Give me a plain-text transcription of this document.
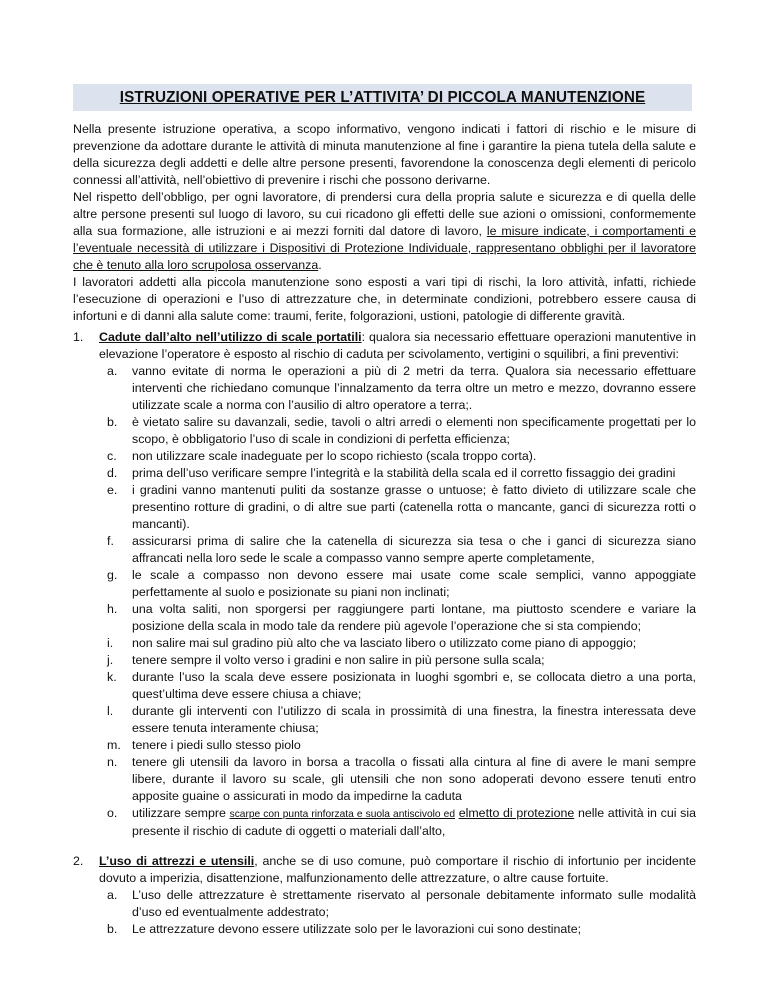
ISTRUZIONI OPERATIVE PER L’ATTIVITA’ DI PICCOLA MANUTENZIONE

Nella presente istruzione operativa, a scopo informativo, vengono indicati i fattori di rischio e le misure di prevenzione da adottare durante le attività di minuta manutenzione al fine i garantire la piena tutela della salute e della sicurezza degli addetti e delle altre persone presenti, favorendone la conoscenza degli elementi di pericolo connessi all’attività, nell’obiettivo di prevenire i rischi che possono derivarne.

Nel rispetto dell’obbligo, per ogni lavoratore, di prendersi cura della propria salute e sicurezza e di quella delle altre persone presenti sul luogo di lavoro, su cui ricadono gli effetti delle sue azioni o omissioni, conformemente alla sua formazione, alle istruzioni e ai mezzi forniti dal datore di lavoro, le misure indicate, i comportamenti e l’eventuale necessità di utilizzare i Dispositivi di Protezione Individuale, rappresentano obblighi per il lavoratore che è tenuto alla loro scrupolosa osservanza.

I lavoratori addetti alla piccola manutenzione sono esposti a vari tipi di rischi, la loro attività, infatti, richiede l’esecuzione di operazioni e l’uso di attrezzature che, in determinate condizioni, potrebbero essere causa di infortuni e di danni alla salute come: traumi, ferite, folgorazioni, ustioni, patologie di differente gravità.

1. Cadute dall’alto nell’utilizzo di scale portatili: qualora sia necessario effettuare operazioni manutentive in elevazione l’operatore è esposto al rischio di caduta per scivolamento, vertigini o squilibri, a fini preventivi:
a. vanno evitate di norma le operazioni a più di 2 metri da terra. Qualora sia necessario effettuare interventi che richiedano comunque l’innalzamento da terra oltre un metro e mezzo, dovranno essere utilizzate scale a norma con l’ausilio di altro operatore a terra;.
b. è vietato salire su davanzali, sedie, tavoli o altri arredi o elementi non specificamente progettati per lo scopo, è obbligatorio l’uso di scale in condizioni di perfetta efficienza;
c. non utilizzare scale inadeguate per lo scopo richiesto (scala troppo corta).
d. prima dell’uso verificare sempre l’integrità e la stabilità della scala ed il corretto fissaggio dei gradini
e. i gradini vanno mantenuti puliti da sostanze grasse o untuose; è fatto divieto di utilizzare scale che presentino rotture di gradini, o di altre sue parti (catenella rotta o mancante, ganci di sicurezza rotti o mancanti).
f. assicurarsi prima di salire che la catenella di sicurezza sia tesa o che i ganci di sicurezza siano affrancati nella loro sede le scale a compasso vanno sempre aperte completamente,
g. le scale a compasso non devono essere mai usate come scale semplici, vanno appoggiate perfettamente al suolo e posizionate su piani non inclinati;
h. una volta saliti, non sporgersi per raggiungere parti lontane, ma piuttosto scendere e variare la posizione della scala in modo tale da rendere più agevole l’operazione che si sta compiendo;
i. non salire mai sul gradino più alto che va lasciato libero o utilizzato come piano di appoggio;
j. tenere sempre il volto verso i gradini e non salire in più persone sulla scala;
k. durante l’uso la scala deve essere posizionata in luoghi sgombri e, se collocata dietro a una porta, quest’ultima deve essere chiusa a chiave;
l. durante gli interventi con l’utilizzo di scala in prossimità di una finestra, la finestra interessata deve essere tenuta interamente chiusa;
m. tenere i piedi sullo stesso piolo
n. tenere gli utensili da lavoro in borsa a tracolla o fissati alla cintura al fine di avere le mani sempre libere, durante il lavoro su scale, gli utensili che non sono adoperati devono essere tenuti entro apposite guaine o assicurati in modo da impedirne la caduta
o. utilizzare sempre scarpe con punta rinforzata e suola antiscivolo ed elmetto di protezione nelle attività in cui sia presente il rischio di cadute di oggetti o materiali dall’alto,
2. L’uso di attrezzi e utensili, anche se di uso comune, può comportare il rischio di infortunio per incidente dovuto a imperizia, disattenzione, malfunzionamento delle attrezzature, o altre cause fortuite.
a. L’uso delle attrezzature è strettamente riservato al personale debitamente informato sulle modalità d’uso ed eventualmente addestrato;
b. Le attrezzature devono essere utilizzate solo per le lavorazioni cui sono destinate;
